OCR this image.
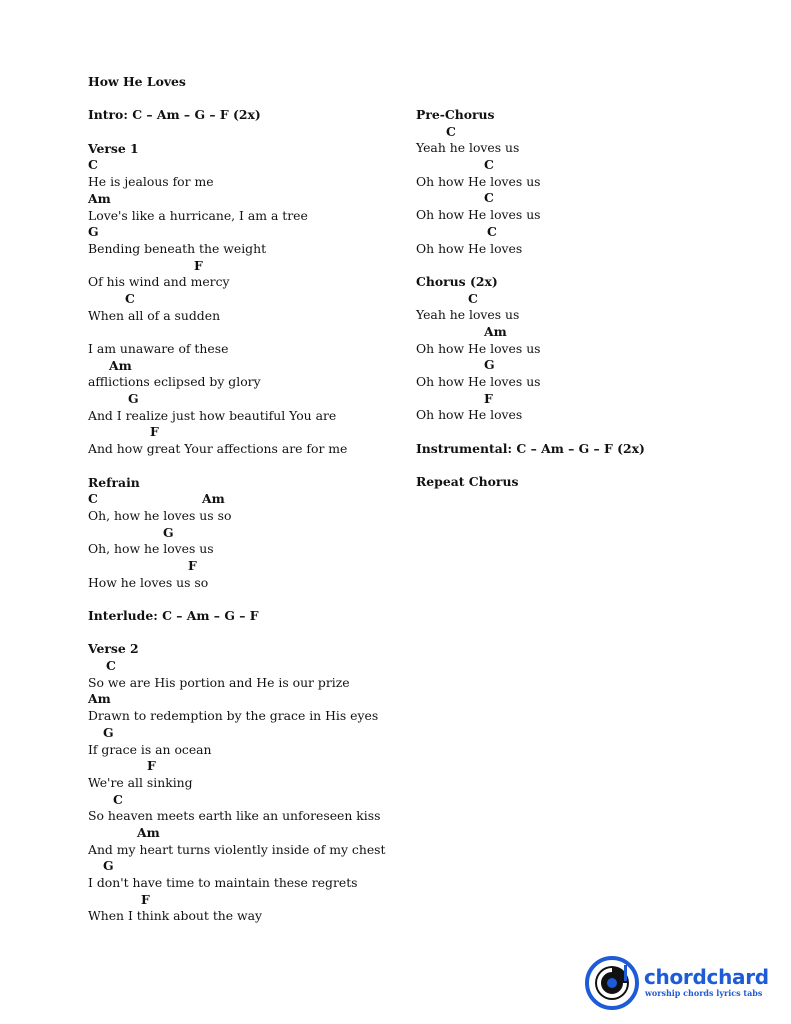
How He Loves
Intro: C – Am – G – F (2x)
Verse 1
C
He is jealous for me
Am
Love's like a hurricane, I am a tree
G
Bending beneath the weight
F
Of his wind and mercy
C
When all of a sudden
I am unaware of these
Am
afflictions eclipsed by glory
G
And I realize just how beautiful You are
F
And how great Your affections are for me
Refrain
C	Am
Oh, how he loves us so
G
Oh, how he loves us
F
How he loves us so
Interlude: C – Am – G – F
Verse 2
C
So we are His portion and He is our prize
Am
Drawn to redemption by the grace in His eyes
G
If grace is an ocean
F
We're all sinking
C
So heaven meets earth like an unforeseen kiss
Am
And my heart turns violently inside of my chest
G
I don't have time to maintain these regrets
F
When I think about the way
Pre-Chorus
C
Yeah he loves us
C
Oh how He loves us
C
Oh how He loves us
C
Oh how He loves
Chorus (2x)
C
Yeah he loves us
Am
Oh how He loves us
G
Oh how He loves us
F
Oh how He loves
Instrumental: C – Am – G – F (2x)
Repeat Chorus
chordchard
worship chords lyrics tabs
